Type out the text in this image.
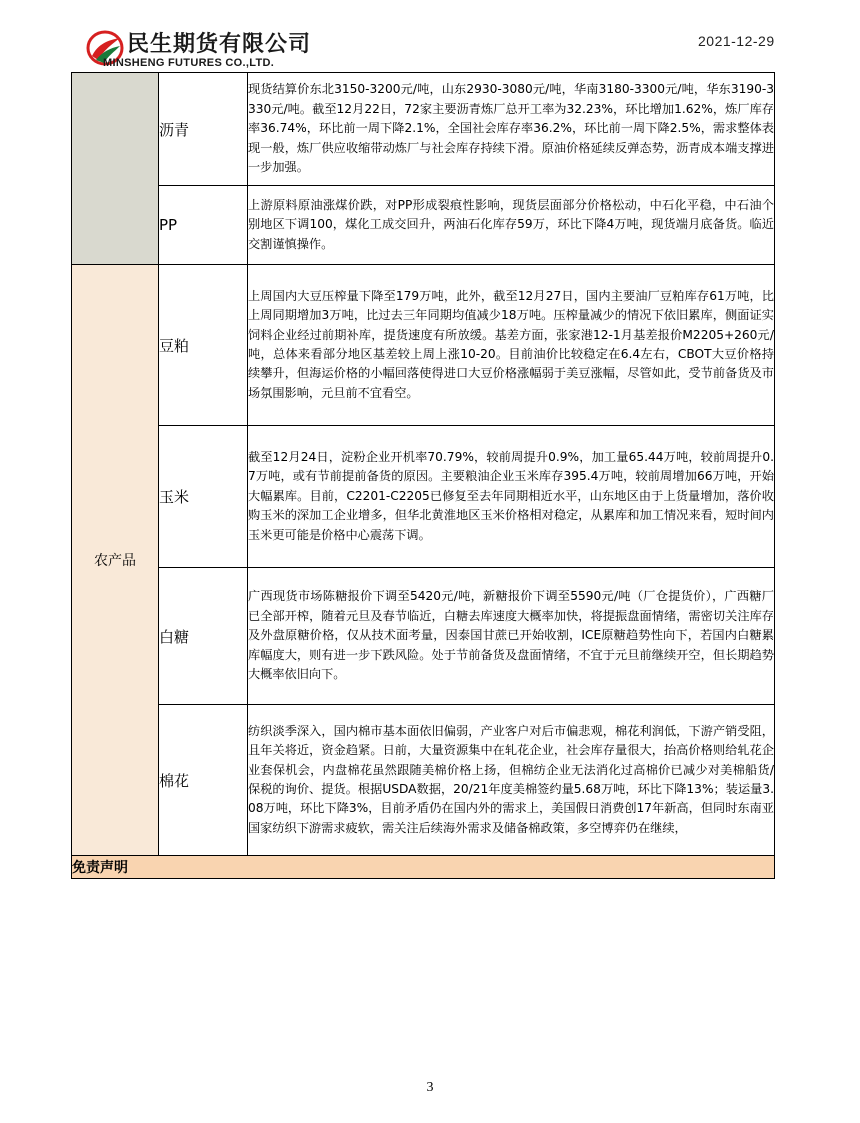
民生期货有限公司
MINSHENG FUTURES CO.,LTD.
2021-12-29
	沥青	现货结算价东北3150-3200元/吨，山东2930-3080元/吨，华南3180-3300元/吨，华东3190-3330元/吨。截至12月22日，72家主要沥青炼厂总开工率为32.23%，环比增加1.62%，炼厂库存率36.74%，环比前一周下降2.1%，全国社会库存率36.2%，环比前一周下降2.5%，需求整体表现一般，炼厂供应收缩带动炼厂与社会库存持续下滑。原油价格延续反弹态势，沥青成本端支撑进一步加强。
	PP	上游原料原油涨煤价跌，对PP形成裂痕性影响，现货层面部分价格松动，中石化平稳，中石油个别地区下调100，煤化工成交回升，两油石化库存59万，环比下降4万吨，现货端月底备货。临近交割谨慎操作。
农产品	豆粕	上周国内大豆压榨量下降至179万吨，此外，截至12月27日，国内主要油厂豆粕库存61万吨，比上周同期增加3万吨，比过去三年同期均值减少18万吨。压榨量减少的情况下依旧累库，侧面证实饲料企业经过前期补库，提货速度有所放缓。基差方面，张家港12-1月基差报价M2205+260元/吨，总体来看部分地区基差较上周上涨10-20。目前油价比较稳定在6.4左右，CBOT大豆价格持续攀升，但海运价格的小幅回落使得进口大豆价格涨幅弱于美豆涨幅，尽管如此，受节前备货及市场氛围影响，元旦前不宜看空。
	玉米	截至12月24日，淀粉企业开机率70.79%，较前周提升0.9%，加工量65.44万吨，较前周提升0.7万吨，或有节前提前备货的原因。主要粮油企业玉米库存395.4万吨，较前周增加66万吨，开始大幅累库。目前，C2201-C2205已修复至去年同期相近水平，山东地区由于上货量增加，落价收购玉米的深加工企业增多，但华北黄淮地区玉米价格相对稳定，从累库和加工情况来看，短时间内玉米更可能是价格中心震荡下调。
	白糖	广西现货市场陈糖报价下调至5420元/吨，新糖报价下调至5590元/吨（厂仓提货价），广西糖厂已全部开榨，随着元旦及春节临近，白糖去库速度大概率加快，将提振盘面情绪，需密切关注库存及外盘原糖价格，仅从技术面考量，因泰国甘蔗已开始收割，ICE原糖趋势性向下，若国内白糖累库幅度大，则有进一步下跌风险。处于节前备货及盘面情绪，不宜于元旦前继续开空，但长期趋势大概率依旧向下。
	棉花	纺织淡季深入，国内棉市基本面依旧偏弱，产业客户对后市偏悲观，棉花利润低，下游产销受阻，且年关将近，资金趋紧。日前，大量资源集中在轧花企业，社会库存量很大，抬高价格则给轧花企业套保机会，内盘棉花虽然跟随美棉价格上扬，但棉纺企业无法消化过高棉价已减少对美棉船货/保税的询价、提货。根据USDA数据，20/21年度美棉签约量5.68万吨，环比下降13%；装运量3.08万吨，环比下降3%，目前矛盾仍在国内外的需求上，美国假日消费创17年新高，但同时东南亚国家纺织下游需求疲软，需关注后续海外需求及储备棉政策，多空博弈仍在继续，
免责声明		
3
